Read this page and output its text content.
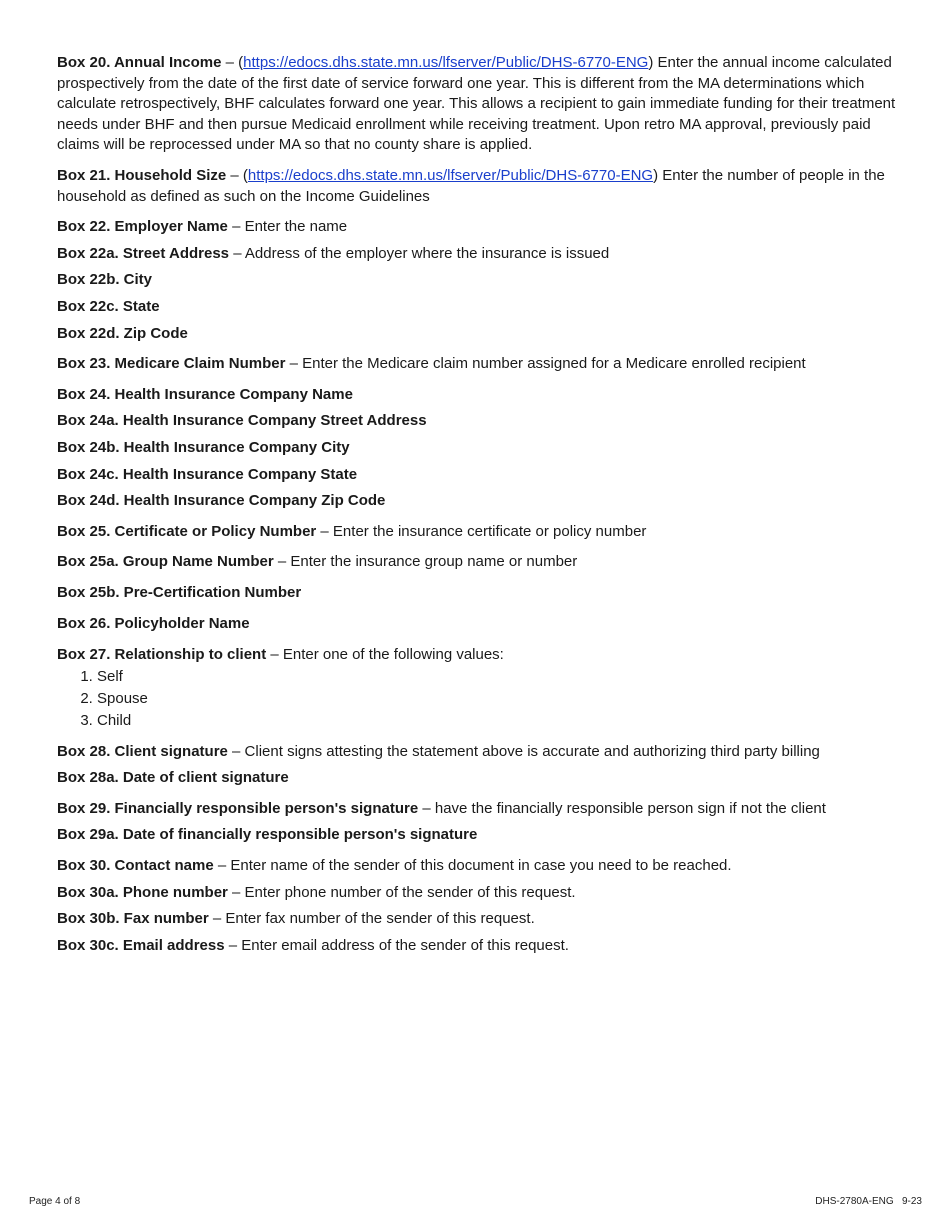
Box 20. Annual Income – (https://edocs.dhs.state.mn.us/lfserver/Public/DHS-6770-ENG) Enter the annual income calculated prospectively from the date of the first date of service forward one year. This is different from the MA determinations which calculate retrospectively, BHF calculates forward one year. This allows a recipient to gain immediate funding for their treatment needs under BHF and then pursue Medicaid enrollment while receiving treatment. Upon retro MA approval, previously paid claims will be reprocessed under MA so that no county share is applied.

Box 21. Household Size – (https://edocs.dhs.state.mn.us/lfserver/Public/DHS-6770-ENG) Enter the number of people in the household as defined as such on the Income Guidelines

Box 22. Employer Name – Enter the name

Box 22a. Street Address – Address of the employer where the insurance is issued

Box 22b. City

Box 22c. State

Box 22d. Zip Code

Box 23. Medicare Claim Number – Enter the Medicare claim number assigned for a Medicare enrolled recipient

Box 24. Health Insurance Company Name

Box 24a. Health Insurance Company Street Address

Box 24b. Health Insurance Company City

Box 24c. Health Insurance Company State

Box 24d. Health Insurance Company Zip Code

Box 25. Certificate or Policy Number – Enter the insurance certificate or policy number

Box 25a. Group Name Number – Enter the insurance group name or number

Box 25b. Pre-Certification Number

Box 26. Policyholder Name

Box 27. Relationship to client – Enter one of the following values:

1. Self
2. Spouse
3. Child

Box 28. Client signature – Client signs attesting the statement above is accurate and authorizing third party billing

Box 28a. Date of client signature

Box 29. Financially responsible person's signature – have the financially responsible person sign if not the client

Box 29a. Date of financially responsible person's signature

Box 30. Contact name – Enter name of the sender of this document in case you need to be reached.

Box 30a. Phone number – Enter phone number of the sender of this request.

Box 30b. Fax number – Enter fax number of the sender of this request.

Box 30c. Email address – Enter email address of the sender of this request.

Page 4 of 8	DHS-2780A-ENG   9-23
